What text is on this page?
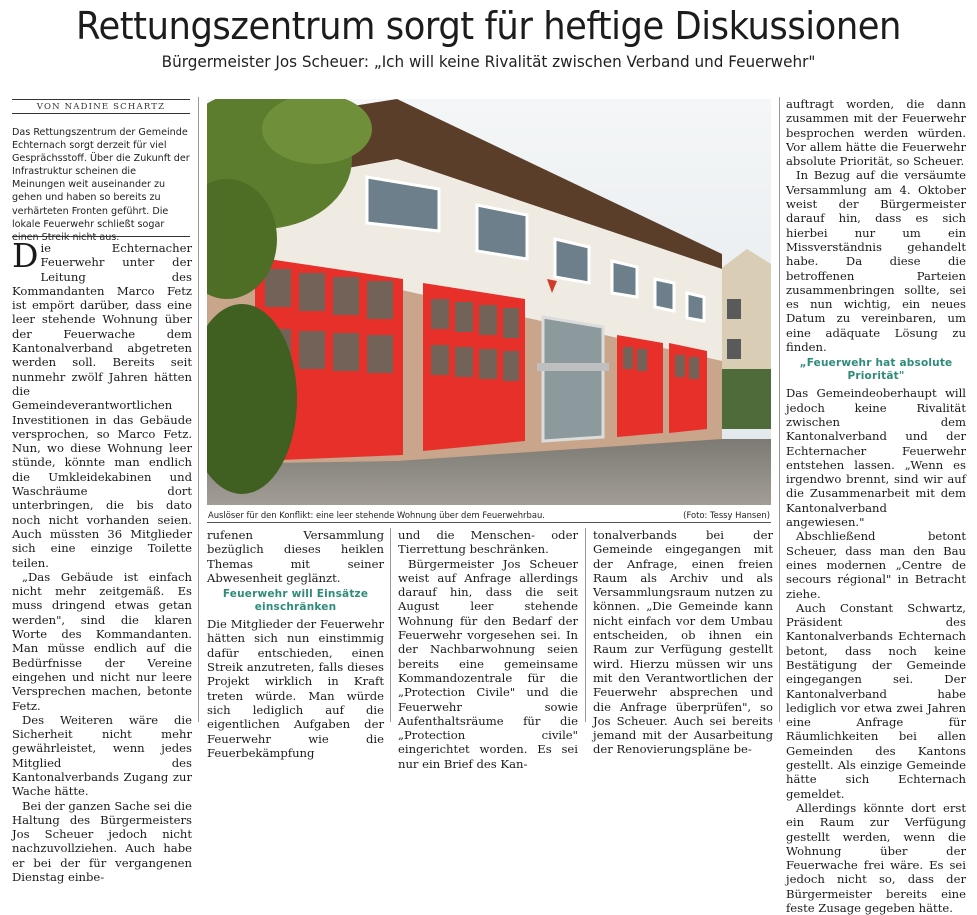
Rettungszentrum sorgt für heftige Diskussionen
Bürgermeister Jos Scheuer: „Ich will keine Rivalität zwischen Verband und Feuerwehr"
VON NADINE SCHARTZ
Das Rettungszentrum der Gemeinde Echternach sorgt derzeit für viel Gesprächsstoff. Über die Zukunft der Infrastruktur scheinen die Meinungen weit auseinander zu gehen und haben so bereits zu verhärteten Fronten geführt. Die lokale Feuerwehr schließt sogar einen Streik nicht aus.

Die Echternacher Feuerwehr unter der Leitung des Kommandanten Marco Fetz ist empört darüber, dass eine leer stehende Wohnung über der Feuerwache dem Kantonalverband abgetreten werden soll. Bereits seit nunmehr zwölf Jahren hätten die Gemeindeverantwortlichen Investitionen in das Gebäude versprochen, so Marco Fetz. Nun, wo diese Wohnung leer stünde, könnte man endlich die Umkleidekabinen und Waschräume dort unterbringen, die bis dato noch nicht vorhanden seien. Auch müssten 36 Mitglieder sich eine einzige Toilette teilen.

„Das Gebäude ist einfach nicht mehr zeitgemäß. Es muss dringend etwas getan werden", sind die klaren Worte des Kommandanten. Man müsse endlich auf die Bedürfnisse der Vereine eingehen und nicht nur leere Versprechen machen, betonte Fetz.

Des Weiteren wäre die Sicherheit nicht mehr gewährleistet, wenn jedes Mitglied des Kantonalverbands Zugang zur Wache hätte.

Bei der ganzen Sache sei die Haltung des Bürgermeisters Jos Scheuer jedoch nicht nachzuvollziehen. Auch habe er bei der für vergangenen Dienstag einbe-

Auslöser für den Konflikt: eine leer stehende Wohnung über dem Feuerwehrbau.	(Foto: Tessy Hansen)

rufenen Versammlung bezüglich dieses heiklen Themas mit seiner Abwesenheit geglänzt.

Feuerwehr will Einsätze einschränken

Die Mitglieder der Feuerwehr hätten sich nun einstimmig dafür entschieden, einen Streik anzutreten, falls dieses Projekt wirklich in Kraft treten würde. Man würde sich lediglich auf die eigentlichen Aufgaben der Feuerwehr wie die Feuerbekämpfung

und die Menschen- oder Tierrettung beschränken.

Bürgermeister Jos Scheuer weist auf Anfrage allerdings darauf hin, dass die seit August leer stehende Wohnung für den Bedarf der Feuerwehr vorgesehen sei. In der Nachbarwohnung seien bereits eine gemeinsame Kommandozentrale für die „Protection Civile" und die Feuerwehr sowie Aufenthaltsräume für die „Protection civile" eingerichtet worden. Es sei nur ein Brief des Kan-

tonalverbands bei der Gemeinde eingegangen mit der Anfrage, einen freien Raum als Archiv und als Versammlungsraum nutzen zu können. „Die Gemeinde kann nicht einfach vor dem Umbau entscheiden, ob ihnen ein Raum zur Verfügung gestellt wird. Hierzu müssen wir uns mit den Verantwortlichen der Feuerwehr absprechen und die Anfrage überprüfen", so Jos Scheuer. Auch sei bereits jemand mit der Ausarbeitung der Renovierungspläne be-

auftragt worden, die dann zusammen mit der Feuerwehr besprochen werden würden. Vor allem hätte die Feuerwehr absolute Priorität, so Scheuer.

In Bezug auf die versäumte Versammlung am 4. Oktober weist der Bürgermeister darauf hin, dass es sich hierbei nur um ein Missverständnis gehandelt habe. Da diese die betroffenen Parteien zusammenbringen sollte, sei es nun wichtig, ein neues Datum zu vereinbaren, um eine adäquate Lösung zu finden.

„Feuerwehr hat absolute Priorität"

Das Gemeindeoberhaupt will jedoch keine Rivalität zwischen dem Kantonalverband und der Echternacher Feuerwehr entstehen lassen. „Wenn es irgendwo brennt, sind wir auf die Zusammenarbeit mit dem Kantonalverband angewiesen."

Abschließend betont Scheuer, dass man den Bau eines modernen „Centre de secours régional" in Betracht ziehe.

Auch Constant Schwartz, Präsident des Kantonalverbands Echternach betont, dass noch keine Bestätigung der Gemeinde eingegangen sei. Der Kantonalverband habe lediglich vor etwa zwei Jahren eine Anfrage für Räumlichkeiten bei allen Gemeinden des Kantons gestellt. Als einzige Gemeinde hätte sich Echternach gemeldet.

Allerdings könnte dort erst ein Raum zur Verfügung gestellt werden, wenn die Wohnung über der Feuerwache frei wäre. Es sei jedoch nicht so, dass der Bürgermeister bereits eine feste Zusage gegeben hätte.
